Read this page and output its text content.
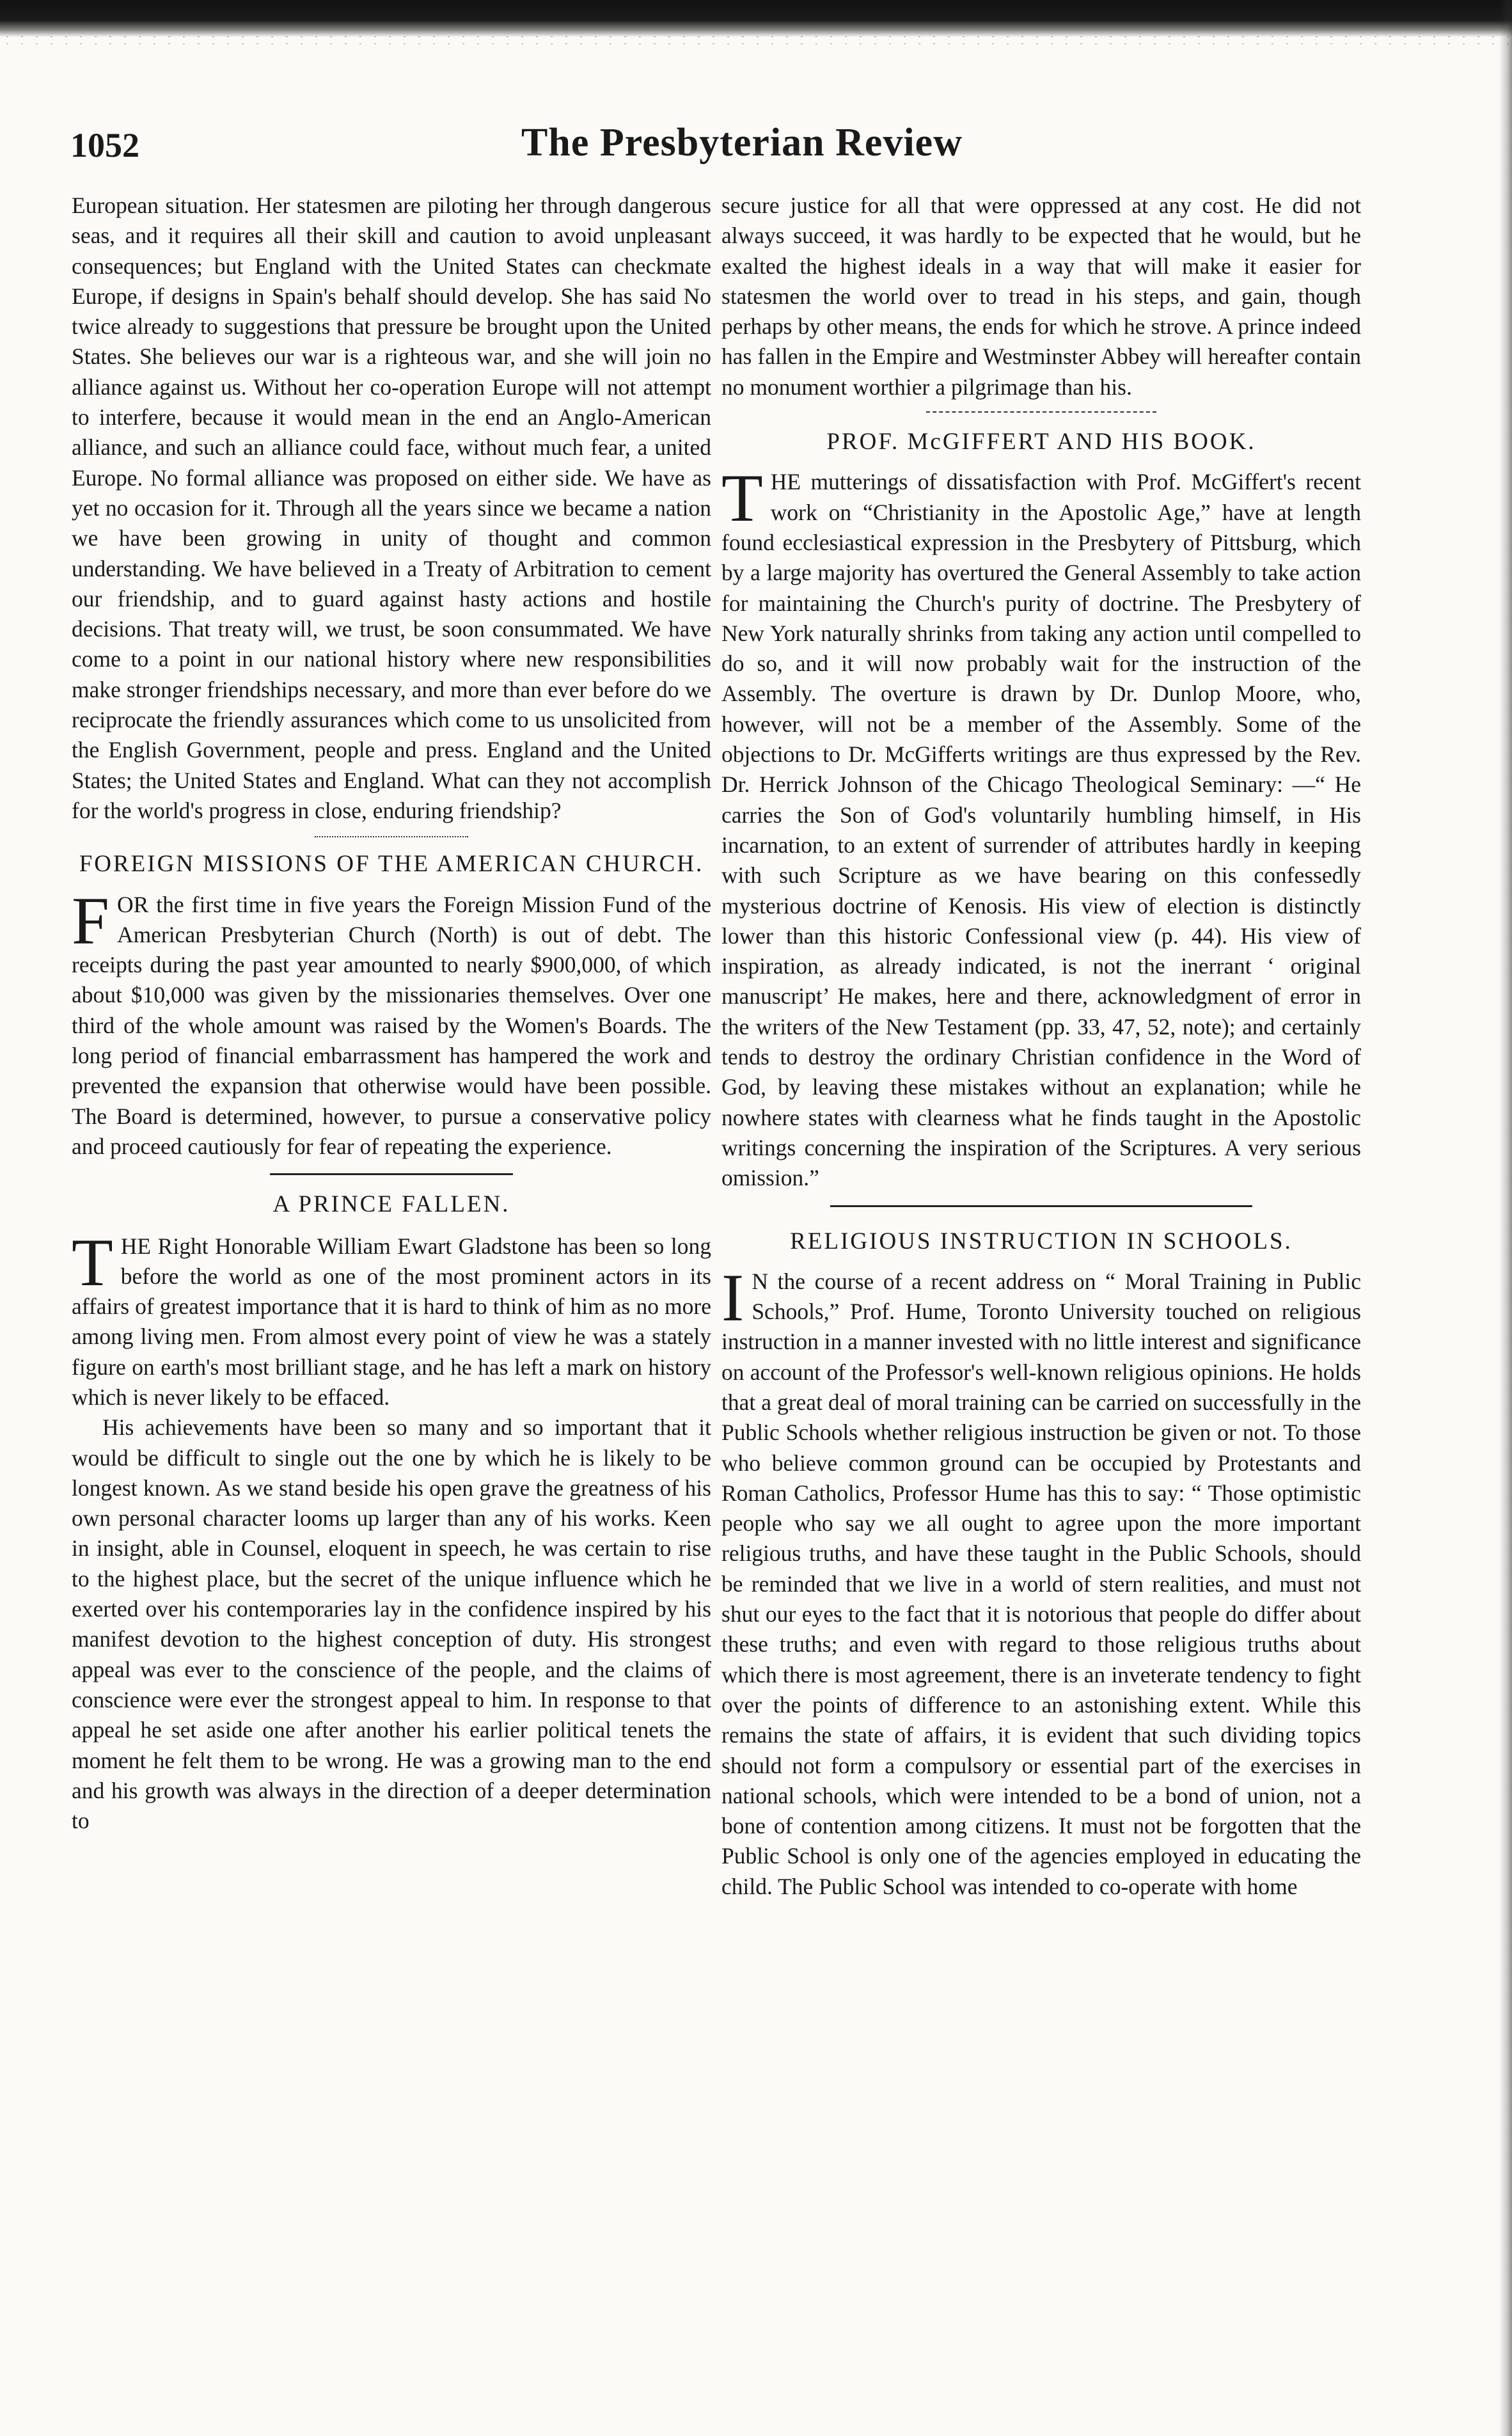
1052	The Presbyterian Review

European situation. Her statesmen are piloting her through dangerous seas, and it requires all their skill and caution to avoid unpleasant consequences; but England with the United States can checkmate Europe, if designs in Spain's behalf should develop. She has said No twice already to suggestions that pressure be brought upon the United States. She believes our war is a righteous war, and she will join no alliance against us. Without her co-operation Europe will not attempt to interfere, because it would mean in the end an Anglo-American alliance, and such an alliance could face, without much fear, a united Europe. No formal alliance was proposed on either side. We have as yet no occasion for it. Through all the years since we became a nation we have been growing in unity of thought and common understanding. We have believed in a Treaty of Arbitration to cement our friendship, and to guard against hasty actions and hostile decisions. That treaty will, we trust, be soon consummated. We have come to a point in our national history where new responsibilities make stronger friendships necessary, and more than ever before do we reciprocate the friendly assurances which come to us unsolicited from the English Government, people and press. England and the United States; the United States and England. What can they not accomplish for the world's progress in close, enduring friendship?

FOREIGN MISSIONS OF THE AMERICAN CHURCH.

FOR the first time in five years the Foreign Mission Fund of the American Presbyterian Church (North) is out of debt. The receipts during the past year amounted to nearly $900,000, of which about $10,000 was given by the missionaries themselves. Over one third of the whole amount was raised by the Women's Boards. The long period of financial embarrassment has hampered the work and prevented the expansion that otherwise would have been possible. The Board is determined, however, to pursue a conservative policy and proceed cautiously for fear of repeating the experience.

A PRINCE FALLEN.

THE Right Honorable William Ewart Gladstone has been so long before the world as one of the most prominent actors in its affairs of greatest importance that it is hard to think of him as no more among living men. From almost every point of view he was a stately figure on earth's most brilliant stage, and he has left a mark on history which is never likely to be effaced.

His achievements have been so many and so important that it would be difficult to single out the one by which he is likely to be longest known. As we stand beside his open grave the greatness of his own personal character looms up larger than any of his works. Keen in insight, able in Counsel, eloquent in speech, he was certain to rise to the highest place, but the secret of the unique influence which he exerted over his contemporaries lay in the confidence inspired by his manifest devotion to the highest conception of duty. His strongest appeal was ever to the conscience of the people, and the claims of conscience were ever the strongest appeal to him. In response to that appeal he set aside one after another his earlier political tenets the moment he felt them to be wrong. He was a growing man to the end and his growth was always in the direction of a deeper determination to

secure justice for all that were oppressed at any cost. He did not always succeed, it was hardly to be expected that he would, but he exalted the highest ideals in a way that will make it easier for statesmen the world over to tread in his steps, and gain, though perhaps by other means, the ends for which he strove. A prince indeed has fallen in the Empire and Westminster Abbey will hereafter contain no monument worthier a pilgrimage than his.

PROF. McGIFFERT AND HIS BOOK.

THE mutterings of dissatisfaction with Prof. McGiffert's recent work on “Christianity in the Apostolic Age,” have at length found ecclesiastical expression in the Presbytery of Pittsburg, which by a large majority has overtured the General Assembly to take action for maintaining the Church's purity of doctrine. The Presbytery of New York naturally shrinks from taking any action until compelled to do so, and it will now probably wait for the instruction of the Assembly. The overture is drawn by Dr. Dunlop Moore, who, however, will not be a member of the Assembly. Some of the objections to Dr. McGifferts writings are thus expressed by the Rev. Dr. Herrick Johnson of the Chicago Theological Seminary: —“ He carries the Son of God's voluntarily humbling himself, in His incarnation, to an extent of surrender of attributes hardly in keeping with such Scripture as we have bearing on this confessedly mysterious doctrine of Kenosis. His view of election is distinctly lower than this historic Confessional view (p. 44). His view of inspiration, as already indicated, is not the inerrant ‘ original manuscript’ He makes, here and there, acknowledgment of error in the writers of the New Testament (pp. 33, 47, 52, note); and certainly tends to destroy the ordinary Christian confidence in the Word of God, by leaving these mistakes without an explanation; while he nowhere states with clearness what he finds taught in the Apostolic writings concerning the inspiration of the Scriptures. A very serious omission.”

RELIGIOUS INSTRUCTION IN SCHOOLS.

I N the course of a recent address on “ Moral Training in Public Schools,” Prof. Hume, Toronto University touched on religious instruction in a manner invested with no little interest and significance on account of the Professor's well-known religious opinions. He holds that a great deal of moral training can be carried on successfully in the Public Schools whether religious instruction be given or not. To those who believe common ground can be occupied by Protestants and Roman Catholics, Professor Hume has this to say: “ Those optimistic people who say we all ought to agree upon the more important religious truths, and have these taught in the Public Schools, should be reminded that we live in a world of stern realities, and must not shut our eyes to the fact that it is notorious that people do differ about these truths; and even with regard to those religious truths about which there is most agreement, there is an inveterate tendency to fight over the points of difference to an astonishing extent. While this remains the state of affairs, it is evident that such dividing topics should not form a compulsory or essential part of the exercises in national schools, which were intended to be a bond of union, not a bone of contention among citizens. It must not be forgotten that the Public School is only one of the agencies employed in educating the child. The Public School was intended to co-operate with home
